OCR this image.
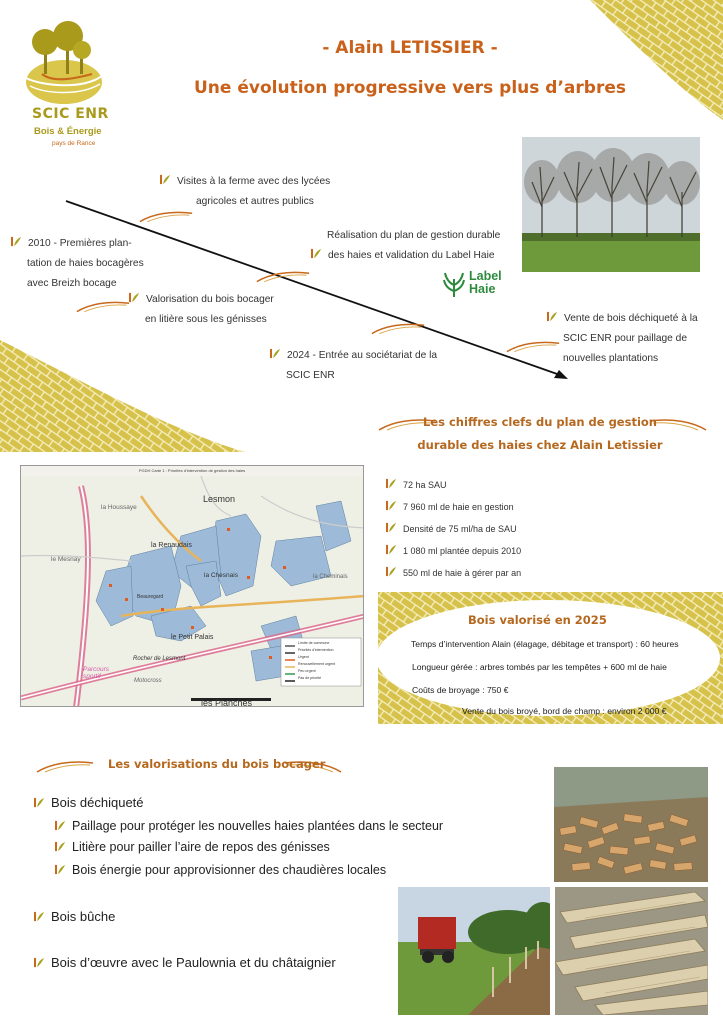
SCIC ENR
Bois & Énergie
pays de Rance
- Alain LETISSIER -
Une évolution progressive vers plus d’arbres
Visites à la ferme avec des lycées
agricoles et autres publics
2010 - Premières plan-
tation de haies bocagères
avec Breizh bocage
Réalisation du plan de gestion durable
des haies et validation du Label Haie
Valorisation du bois bocager
en litière sous les génisses
2024 - Entrée au sociétariat de la
SCIC ENR
Vente de bois déchiqueté à la
SCIC ENR pour paillage de
nouvelles plantations
Label
Haie
Les chiffres clefs du plan de gestion
durable des haies chez Alain Letissier
72 ha SAU
7 960 ml de haie en gestion
Densité de 75 ml/ha de SAU
1 080 ml plantée depuis 2010
550 ml de haie à gérer par an
PGDH Carte 1 : Priorités d'intervention de gestion des haies
Lesmon
la Houssaye
le Mesnay
la Renaudais
la Chesnais
Beauregard
le Petit Palais
Rocher de Lesmont
Motocross
les Planches
Parcours sportif
la Cheminais
Limite de commune
Priorités d'intervention
Urgent
Renouvellement urgent
Peu urgent
Pas de priorité
Bois valorisé en 2025
Temps d’intervention Alain (élagage, débitage et transport) : 60 heures
Longueur gérée : arbres tombés par les tempêtes + 600 ml de haie
Coûts de broyage : 750 €
Vente du bois broyé, bord de champ : environ 2 000 €
Les valorisations du bois bocager
Bois déchiqueté
Paillage pour protéger les nouvelles haies plantées dans le secteur
Litière pour pailler l’aire de repos des génisses
Bois énergie pour approvisionner des chaudières locales
Bois bûche
Bois d’œuvre avec le Paulownia et du châtaignier
